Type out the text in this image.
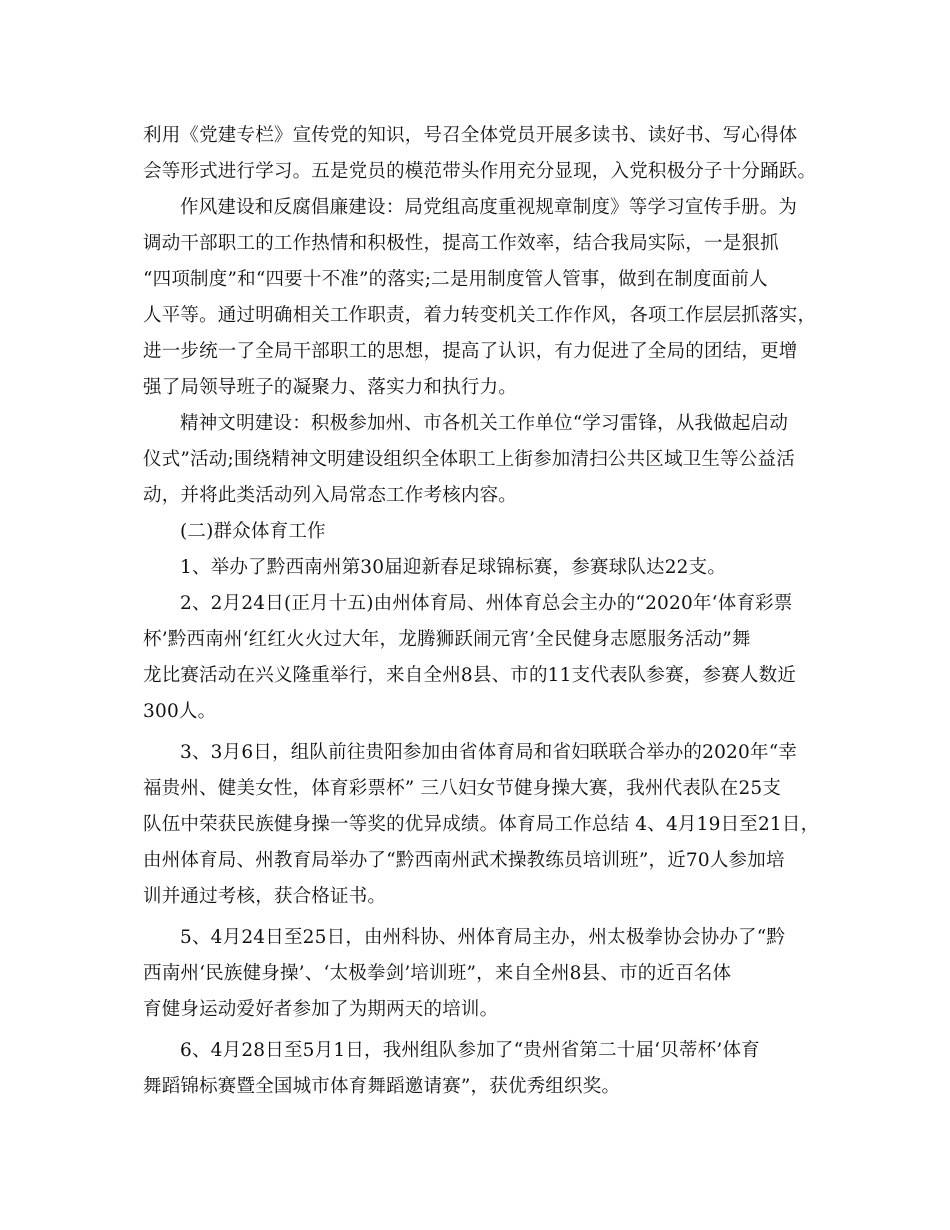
利用《党建专栏》宣传党的知识，号召全体党员开展多读书、读好书、写心得体
会等形式进行学习。五是党员的模范带头作用充分显现，入党积极分子十分踊跃。
作风建设和反腐倡廉建设：局党组高度重视规章制度》等学习宣传手册。为
调动干部职工的工作热情和积极性，提高工作效率，结合我局实际，一是狠抓
“四项制度”和“四要十不准”的落实;二是用制度管人管事，做到在制度面前人
人平等。通过明确相关工作职责，着力转变机关工作作风，各项工作层层抓落实，
进一步统一了全局干部职工的思想，提高了认识，有力促进了全局的团结，更增
强了局领导班子的凝聚力、落实力和执行力。
精神文明建设：积极参加州、市各机关工作单位“学习雷锋，从我做起启动
仪式”活动;围绕精神文明建设组织全体职工上街参加清扫公共区域卫生等公益活
动，并将此类活动列入局常态工作考核内容。
(二)群众体育工作
1、举办了黔西南州第30届迎新春足球锦标赛，参赛球队达22支。
2、2月24日(正月十五)由州体育局、州体育总会主办的“2020年‘体育彩票
杯’黔西南州‘红红火火过大年，龙腾狮跃闹元宵’全民健身志愿服务活动”舞
龙比赛活动在兴义隆重举行，来自全州8县、市的11支代表队参赛，参赛人数近
300人。
3、3月6日，组队前往贵阳参加由省体育局和省妇联联合举办的2020年“幸
福贵州、健美女性，体育彩票杯” 三八妇女节健身操大赛，我州代表队在25支
队伍中荣获民族健身操一等奖的优异成绩。体育局工作总结 4、4月19日至21日，
由州体育局、州教育局举办了“黔西南州武术操教练员培训班”，近70人参加培
训并通过考核，获合格证书。
5、4月24日至25日，由州科协、州体育局主办，州太极拳协会协办了“黔
西南州‘民族健身操’、‘太极拳剑’培训班”，来自全州8县、市的近百名体
育健身运动爱好者参加了为期两天的培训。
6、4月28日至5月1日，我州组队参加了“贵州省第二十届‘贝蒂杯’体育
舞蹈锦标赛暨全国城市体育舞蹈邀请赛”，获优秀组织奖。
